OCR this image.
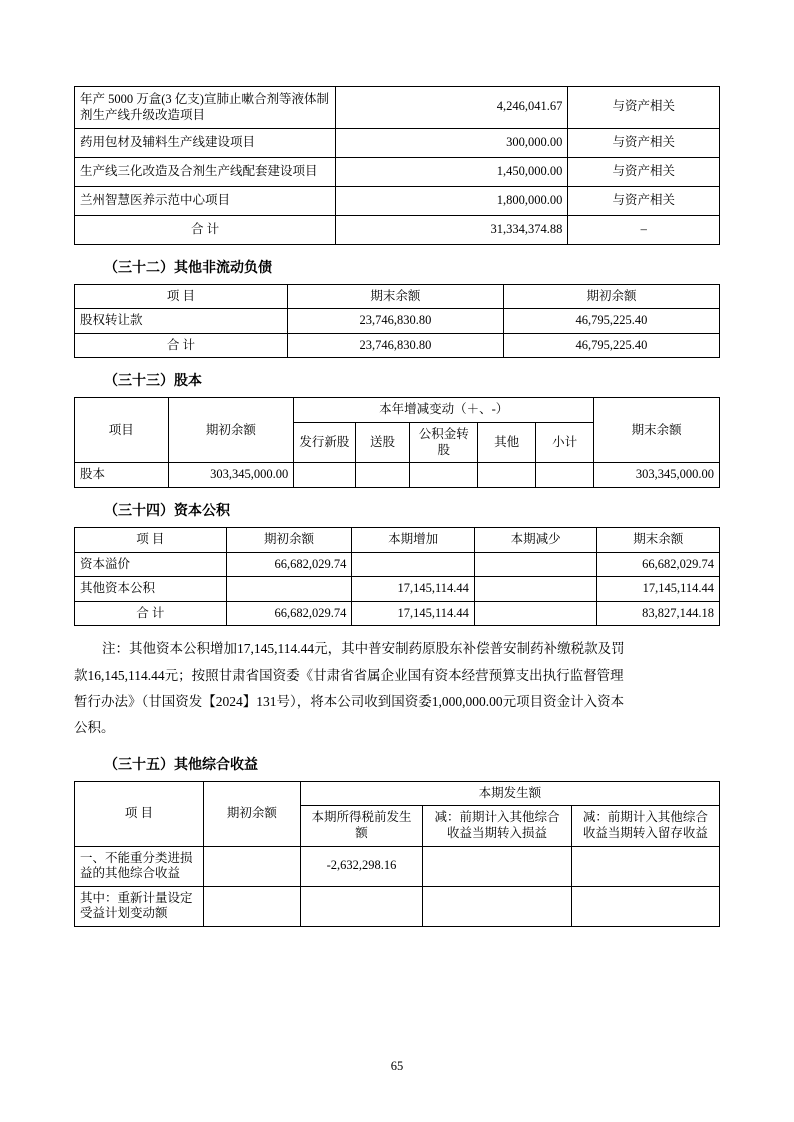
年产 5000 万盒(3 亿支)宣肺止嗽合剂等液体制剂生产线升级改造项目	4,246,041.67	与资产相关
药用包材及辅料生产线建设项目	300,000.00	与资产相关
生产线三化改造及合剂生产线配套建设项目	1,450,000.00	与资产相关
兰州智慧医养示范中心项目	1,800,000.00	与资产相关
合 计	31,334,374.88	–
（三十二）其他非流动负债
项 目	期末余额	期初余额
股权转让款	23,746,830.80	46,795,225.40
合 计	23,746,830.80	46,795,225.40
（三十三）股本
项目	期初余额	本年增减变动（＋、-）					期末余额
		发行新股	送股	公积金转股	其他	小计	
股本	303,345,000.00						303,345,000.00
（三十四）资本公积
项 目	期初余额	本期增加	本期减少	期末余额
资本溢价	66,682,029.74			66,682,029.74
其他资本公积		17,145,114.44		17,145,114.44
合 计	66,682,029.74	17,145,114.44		83,827,144.18

注：其他资本公积增加17,145,114.44元，其中普安制药原股东补偿普安制药补缴税款及罚

款16,145,114.44元；按照甘肃省国资委《甘肃省省属企业国有资本经营预算支出执行监督管理

暂行办法》（甘国资发【2024】131号），将本公司收到国资委1,000,000.00元项目资金计入资本

公积。

（三十五）其他综合收益
项 目	期初余额	本期发生额		
		本期所得税前发生额	减：前期计入其他综合收益当期转入损益	减：前期计入其他综合收益当期转入留存收益
一、不能重分类进损益的其他综合收益		-2,632,298.16		
其中：重新计量设定受益计划变动额				
65
